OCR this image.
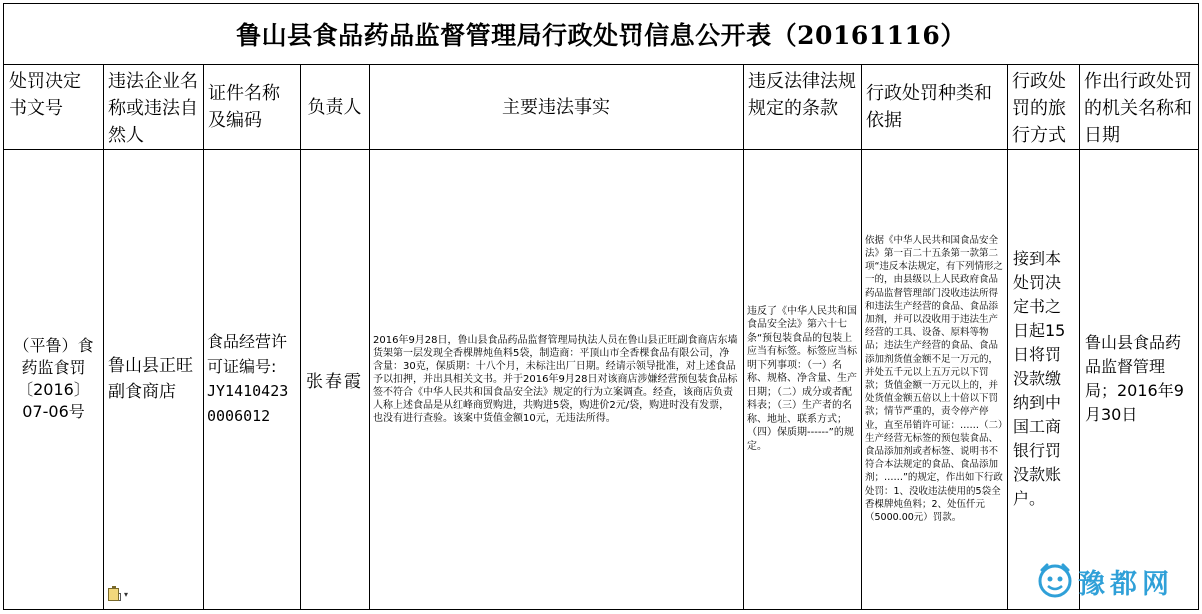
鲁山县食品药品监督管理局行政处罚信息公开表（20161116）
处罚决定书文号
违法企业名称或违法自然人
证件名称及编码
负责人	主要违法事实
违反法律法规规定的条款
行政处罚种类和依据
行政处罚的旅行方式
作出行政处罚的机关名称和日期
（平鲁）食药监食罚〔2016〕07-06号
鲁山县正旺副食商店
食品经营许可证编号:
JY14104230006012
张春霞
2016年9月28日，鲁山县食品药品监督管理局执法人员在鲁山县正旺副食商店东墙货架第一层发现全香棵牌炖鱼料5袋，制造商：平顶山市全香棵食品有限公司，净含量：30克，保质期：十八个月，未标注出厂日期。经请示领导批准，对上述食品予以扣押，并出具相关文书。并于2016年9月28日对该商店涉嫌经营预包装食品标签不符合《中华人民共和国食品安全法》规定的行为立案调查。经查，该商店负责人称上述食品是从红峰商贸购进，共购进5袋，购进价2元/袋，购进时没有发票，也没有进行查验。该案中货值金额10元，无违法所得。
违反了《中华人民共和国食品安全法》第六十七条“预包装食品的包装上应当有标签。标签应当标明下列事项：（一）名称、规格、净含量、生产日期；（二）成分或者配料表；（三）生产者的名称、地址、联系方式；（四）保质期------”的规定。
依据《中华人民共和国食品安全法》第一百二十五条第一款第二项“违反本法规定，有下列情形之一的，由县级以上人民政府食品药品监督管理部门没收违法所得和违法生产经营的食品、食品添加剂，并可以没收用于违法生产经营的工具、设备、原料等物品；违法生产经营的食品、食品添加剂货值金额不足一万元的，并处五千元以上五万元以下罚款；货值金额一万元以上的，并处货值金额五倍以上十倍以下罚款；情节严重的，责令停产停业，直至吊销许可证：……（二）生产经营无标签的预包装食品、食品添加剂或者标签、说明书不符合本法规定的食品、食品添加剂；……”的规定，作出如下行政处罚：1、没收违法使用的5袋全香棵牌炖鱼料；2、处伍仟元（5000.00元）罚款。
接到本处罚决定书之日起15日将罚没款缴纳到中国工商银行罚没款账户。
鲁山县食品药品监督管理局；2016年9月30日
▾	豫都网
